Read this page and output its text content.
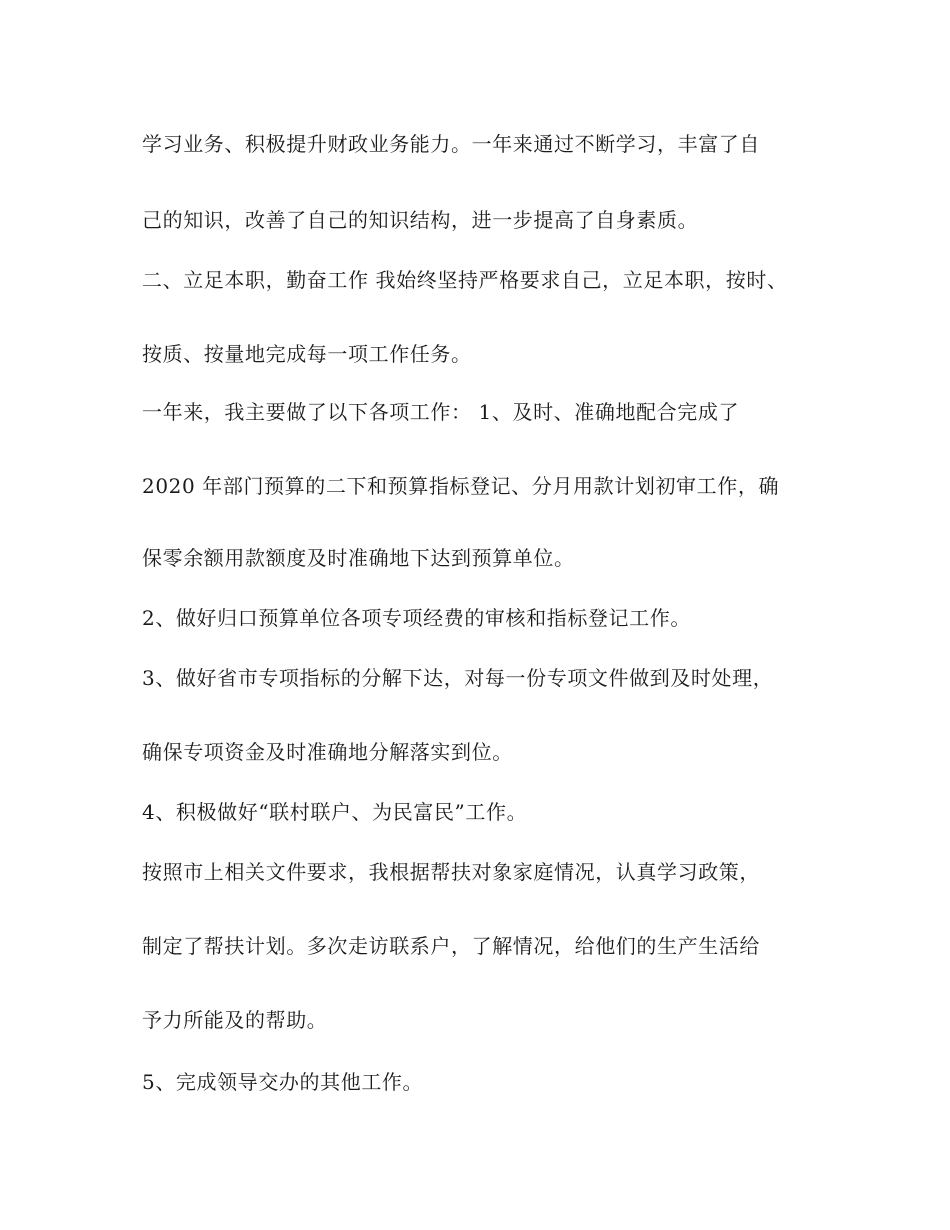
学习业务、积极提升财政业务能力。一年来通过不断学习，丰富了自

己的知识，改善了自己的知识结构，进一步提高了自身素质。

二、立足本职，勤奋工作 我始终坚持严格要求自己，立足本职，按时、

按质、按量地完成每一项工作任务。

一年来，我主要做了以下各项工作： 1、及时、准确地配合完成了

2020 年部门预算的二下和预算指标登记、分月用款计划初审工作，确

保零余额用款额度及时准确地下达到预算单位。

2、做好归口预算单位各项专项经费的审核和指标登记工作。

3、做好省市专项指标的分解下达，对每一份专项文件做到及时处理，

确保专项资金及时准确地分解落实到位。

4、积极做好“联村联户、为民富民”工作。

按照市上相关文件要求，我根据帮扶对象家庭情况，认真学习政策，

制定了帮扶计划。多次走访联系户，了解情况，给他们的生产生活给

予力所能及的帮助。

5、完成领导交办的其他工作。
